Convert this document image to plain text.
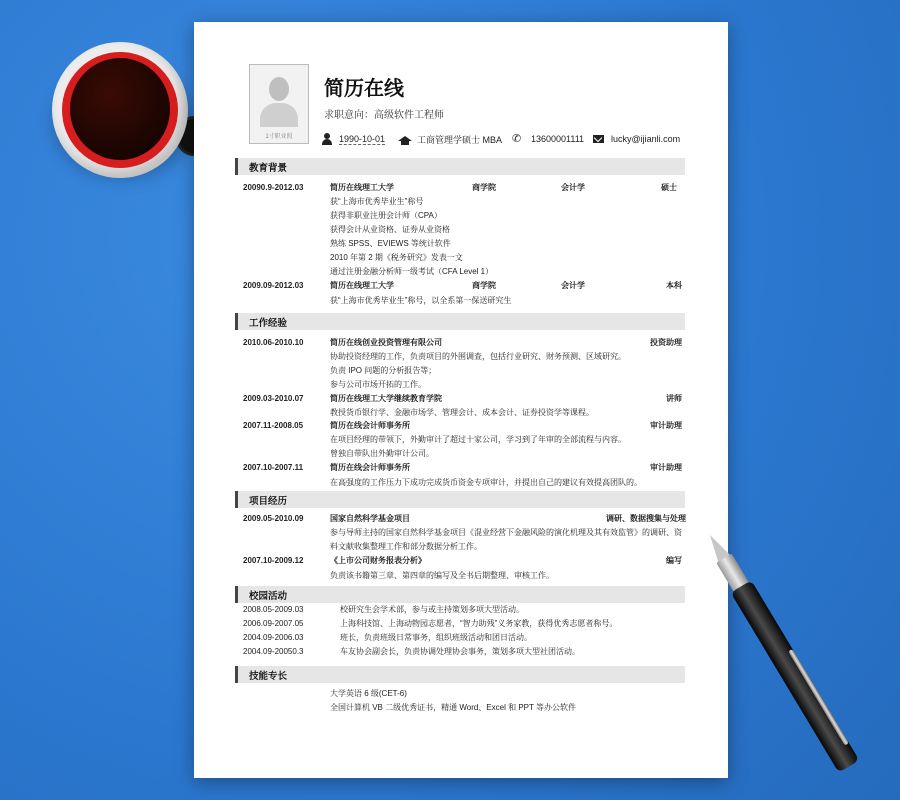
1寸职业照
简历在线
求职意向：高级软件工程师
1990-10-01	工商管理学硕士 MBA ✆	13600001111	lucky@ijianli.com
教育背景
20090.9-2012.03	简历在线理工大学	商学院	会计学	硕士
获“上海市优秀毕业生”称号
获得非职业注册会计师（CPA）
获得会计从业资格、证券从业资格
熟练 SPSS、EVIEWS 等统计软件
2010 年第 2 期《税务研究》发表一文
通过注册金融分析师一级考试（CFA Level 1）
2009.09-2012.03	简历在线理工大学	商学院	会计学	本科
获“上海市优秀毕业生”称号，以全系第一保送研究生
工作经验
2010.06-2010.10	简历在线创业投资管理有限公司	投资助理
协助投资经理的工作，负责项目的外围调查，包括行业研究、财务预测、区域研究。
负责 IPO 问题的分析报告等；
参与公司市场开拓的工作。
2009.03-2010.07	简历在线理工大学继续教育学院	讲师
教授货币银行学、金融市场学、管理会计、成本会计、证券投资学等课程。
2007.11-2008.05	简历在线会计师事务所	审计助理
在项目经理的带领下，外勤审计了超过十家公司，学习到了年审的全部流程与内容。
曾独自带队出外勤审计公司。
2007.10-2007.11	简历在线会计师事务所	审计助理
在高强度的工作压力下成功完成货币资金专项审计，并提出自己的建议有效提高团队的。
项目经历
2009.05-2010.09	国家自然科学基金项目	调研、数据搜集与处理
参与导师主持的国家自然科学基金项目《混业经营下金融风险的演化机理及其有效监管》的调研、资
料文献收集整理工作和部分数据分析工作。
2007.10-2009.12	《上市公司财务报表分析》	编写
负责该书籍第三章、第四章的编写及全书后期整理、审核工作。
校园活动
2008.05-2009.03	校研究生会学术部，参与或主持策划多项大型活动。
2006.09-2007.05	上海科技馆、上海动物园志愿者，“智力助残”义务家教，获得优秀志愿者称号。
2004.09-2006.03	班长，负责班级日常事务，组织班级活动和团日活动。
2004.09-20050.3	车友协会副会长，负责协调处理协会事务，策划多项大型社团活动。
技能专长
大学英语 6 级(CET-6)
全国计算机 VB 二级优秀证书，精通 Word、Excel 和 PPT 等办公软件
